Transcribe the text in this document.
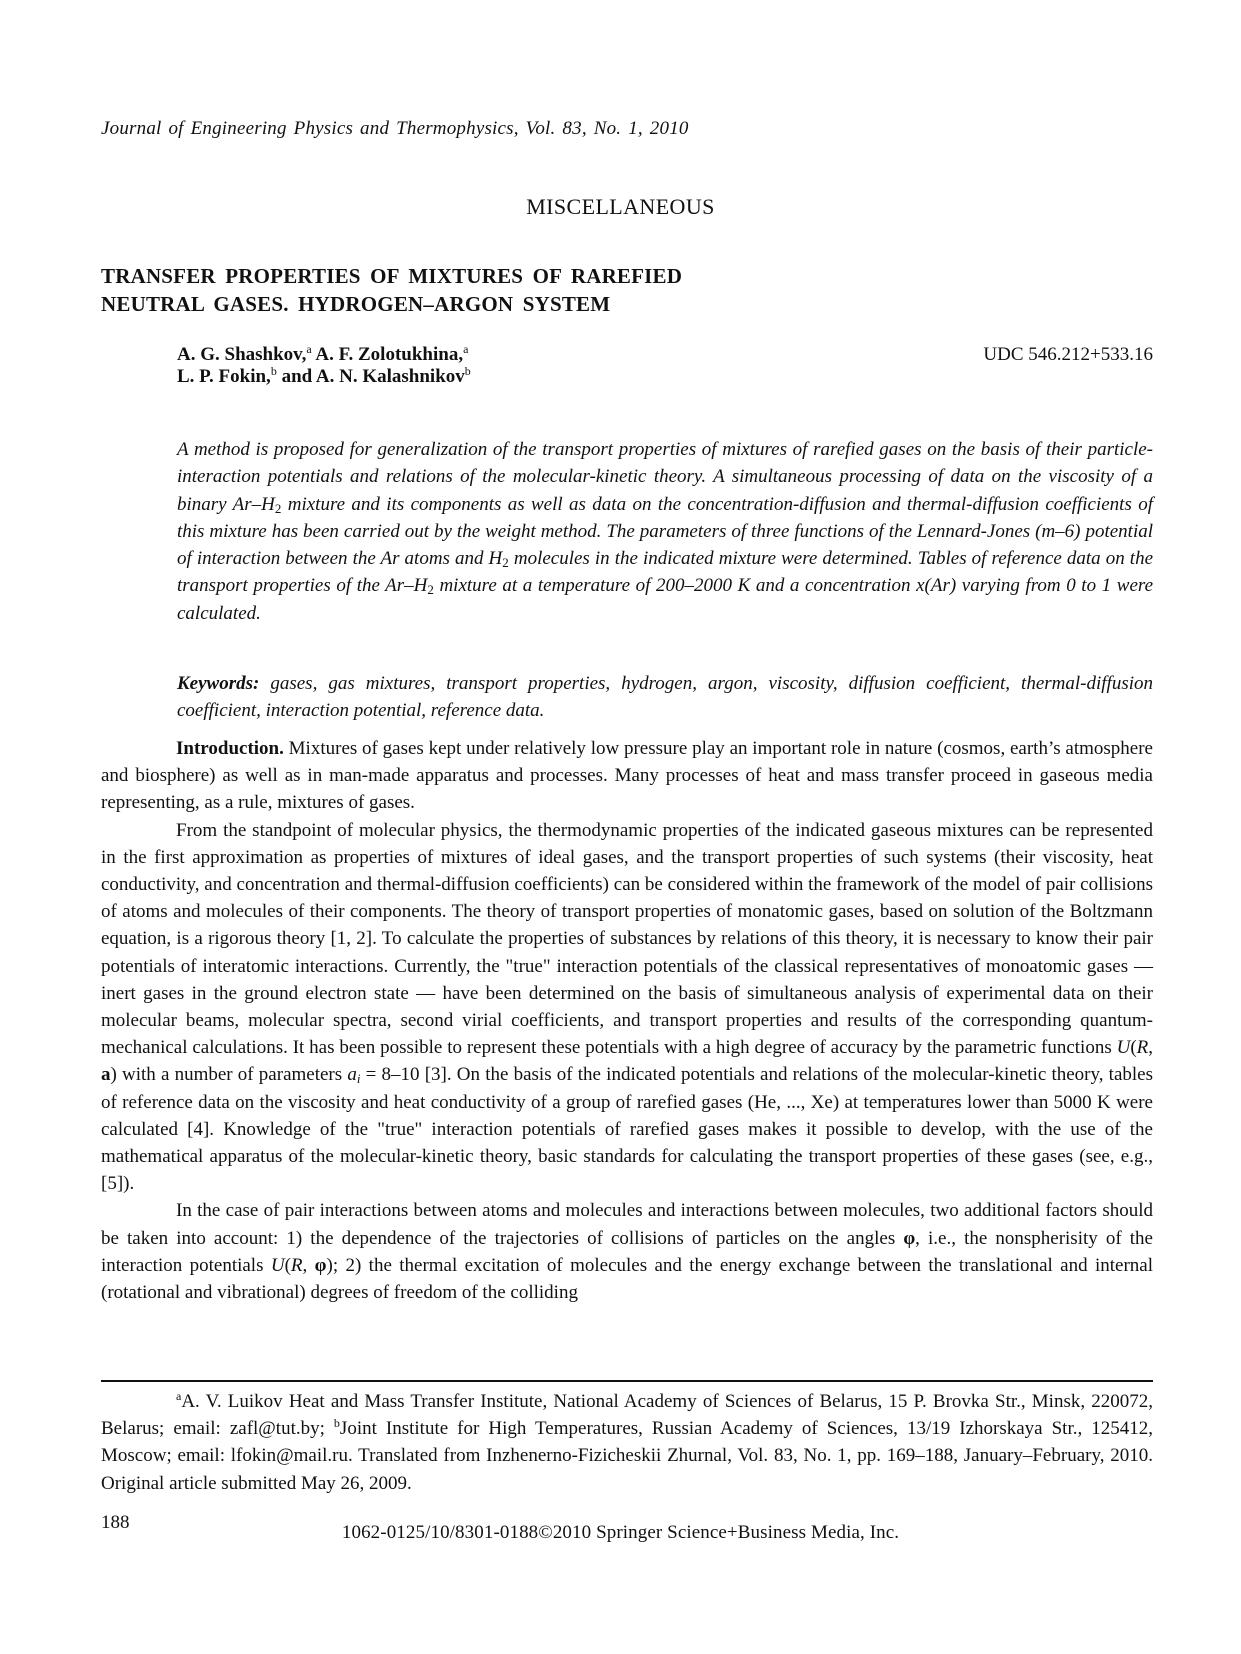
Journal of Engineering Physics and Thermophysics, Vol. 83, No. 1, 2010
MISCELLANEOUS
TRANSFER PROPERTIES OF MIXTURES OF RAREFIED
NEUTRAL GASES. HYDROGEN–ARGON SYSTEM
A. G. Shashkov,$^a$ A. F. Zolotukhina,$^a$
L. P. Fokin,$^b$ and A. N. Kalashnikov$^b$
UDC 546.212+533.16

A method is proposed for generalization of the transport properties of mixtures of rarefied gases on the basis of their particle-interaction potentials and relations of the molecular-kinetic theory. A simultaneous processing of data on the viscosity of a binary $Ar-H_2$ mixture and its components as well as data on the concentration-diffusion and thermal-diffusion coefficients of this mixture has been carried out by the weight method. The parameters of three functions of the Lennard-Jones (m–6) potential of interaction between the Ar atoms and $H_2$ molecules in the indicated mixture were determined. Tables of reference data on the transport properties of the $Ar-H_2$ mixture at a temperature of 200–2000 K and a concentration x(Ar) varying from 0 to 1 were calculated.

Keywords: gases, gas mixtures, transport properties, hydrogen, argon, viscosity, diffusion coefficient, thermal-diffusion coefficient, interaction potential, reference data.

Introduction. Mixtures of gases kept under relatively low pressure play an important role in nature (cosmos, earth’s atmosphere and biosphere) as well as in man-made apparatus and processes. Many processes of heat and mass transfer proceed in gaseous media representing, as a rule, mixtures of gases.

From the standpoint of molecular physics, the thermodynamic properties of the indicated gaseous mixtures can be represented in the first approximation as properties of mixtures of ideal gases, and the transport properties of such systems (their viscosity, heat conductivity, and concentration and thermal-diffusion coefficients) can be considered within the framework of the model of pair collisions of atoms and molecules of their components. The theory of transport properties of monatomic gases, based on solution of the Boltzmann equation, is a rigorous theory [1, 2]. To calculate the properties of substances by relations of this theory, it is necessary to know their pair potentials of interatomic interactions. Currently, the "true" interaction potentials of the classical representatives of monoatomic gases — inert gases in the ground electron state — have been determined on the basis of simultaneous analysis of experimental data on their molecular beams, molecular spectra, second virial coefficients, and transport properties and results of the corresponding quantum-mechanical calculations. It has been possible to represent these potentials with a high degree of accuracy by the parametric functions U(R, a) with a number of parameters $a_i = 8-10$ [3]. On the basis of the indicated potentials and relations of the molecular-kinetic theory, tables of reference data on the viscosity and heat conductivity of a group of rarefied gases (He, ..., Xe) at temperatures lower than 5000 K were calculated [4]. Knowledge of the "true" interaction potentials of rarefied gases makes it possible to develop, with the use of the mathematical apparatus of the molecular-kinetic theory, basic standards for calculating the transport properties of these gases (see, e.g., [5]).

In the case of pair interactions between atoms and molecules and interactions between molecules, two additional factors should be taken into account: 1) the dependence of the trajectories of collisions of particles on the angles φ, i.e., the nonspherisity of the interaction potentials U(R, φ); 2) the thermal excitation of molecules and the energy exchange between the translational and internal (rotational and vibrational) degrees of freedom of the colliding

$^a$A. V. Luikov Heat and Mass Transfer Institute, National Academy of Sciences of Belarus, 15 P. Brovka Str., Minsk, 220072, Belarus; email: zafl@tut.by; $^b$Joint Institute for High Temperatures, Russian Academy of Sciences, 13/19 Izhorskaya Str., 125412, Moscow; email: lfokin@mail.ru. Translated from Inzhenerno-Fizicheskii Zhurnal, Vol. 83, No. 1, pp. 169–188, January–February, 2010. Original article submitted May 26, 2009.

188	1062-0125/10/8301-0188©2010 Springer Science+Business Media, Inc.
